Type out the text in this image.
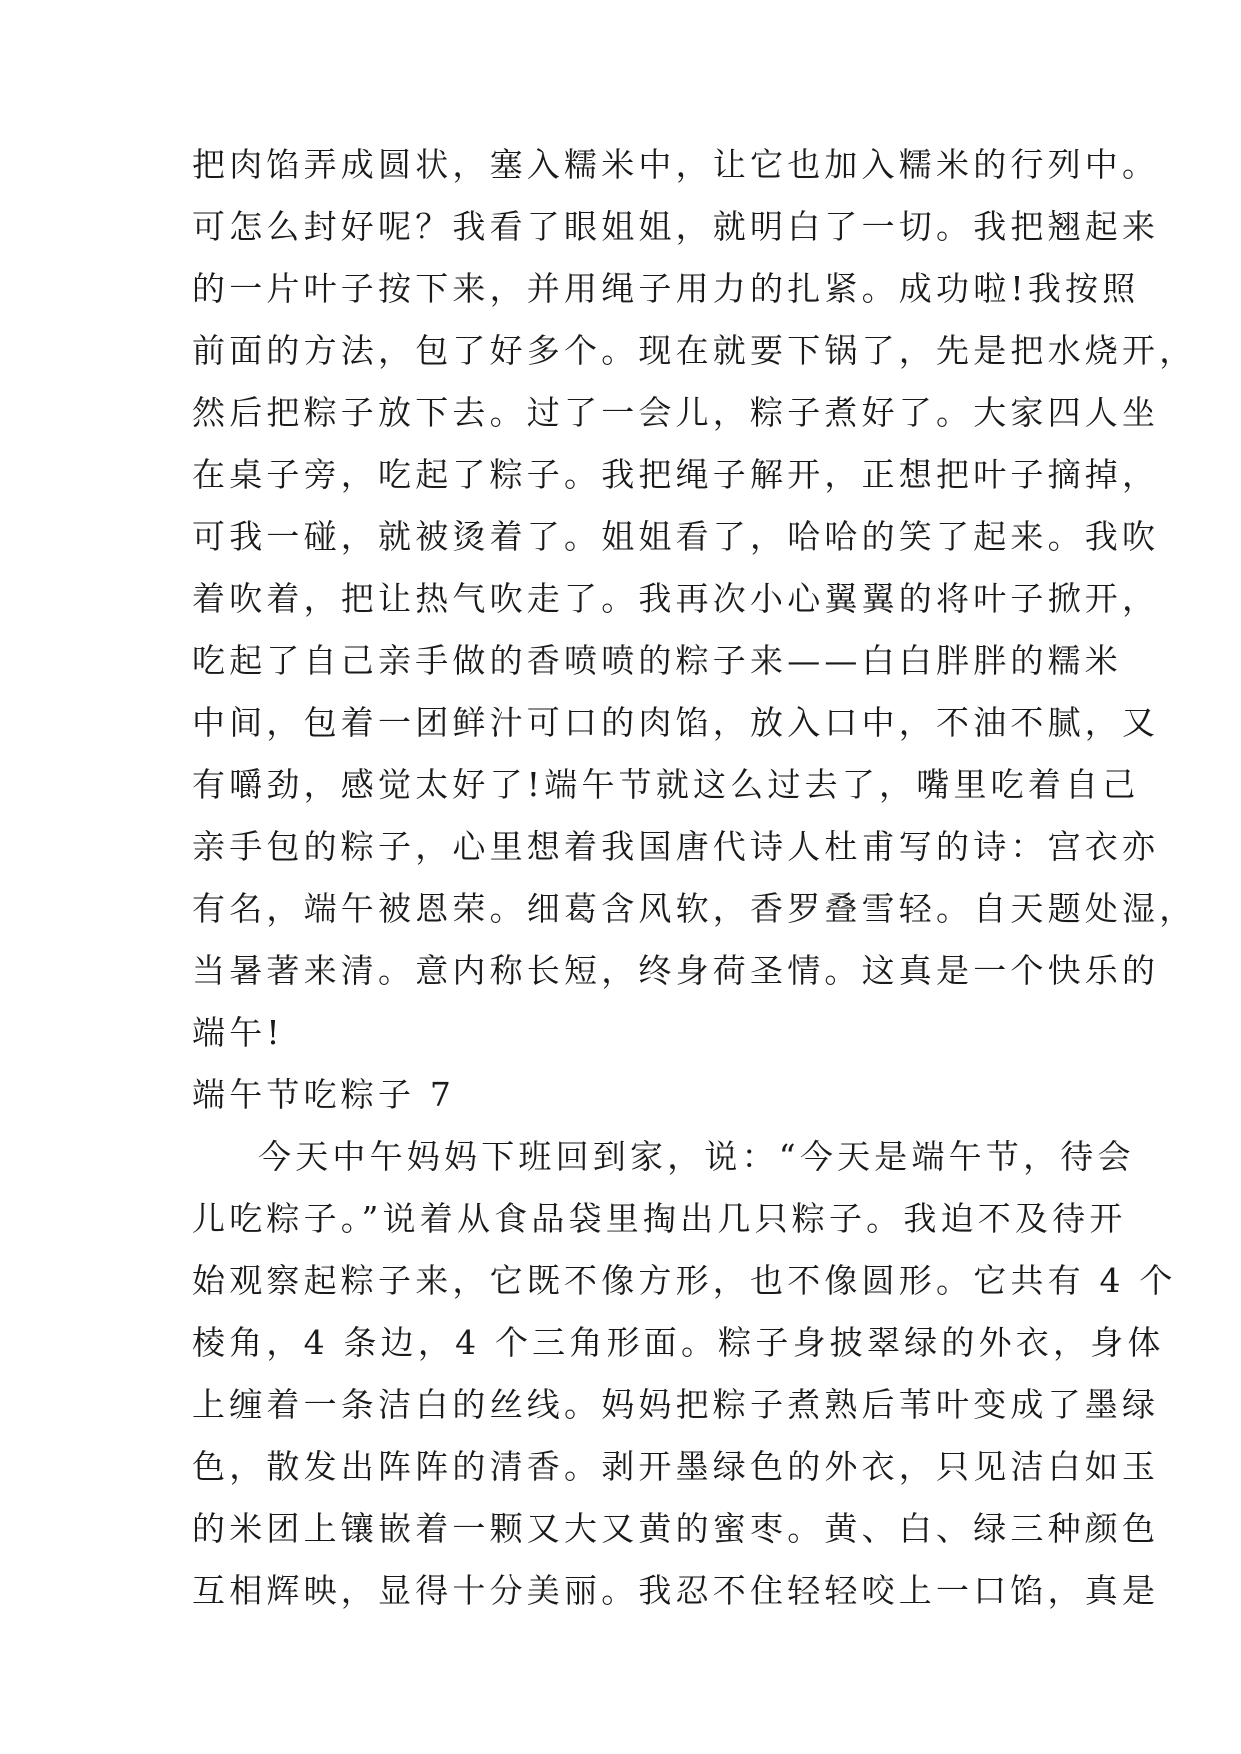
把肉馅弄成圆状，塞入糯米中，让它也加入糯米的行列中。
可怎么封好呢？我看了眼姐姐，就明白了一切。我把翘起来
的一片叶子按下来，并用绳子用力的扎紧。成功啦!我按照
前面的方法，包了好多个。现在就要下锅了，先是把水烧开，
然后把粽子放下去。过了一会儿，粽子煮好了。大家四人坐
在桌子旁，吃起了粽子。我把绳子解开，正想把叶子摘掉，
可我一碰，就被烫着了。姐姐看了，哈哈的笑了起来。我吹
着吹着，把让热气吹走了。我再次小心翼翼的将叶子掀开，
吃起了自己亲手做的香喷喷的粽子来——白白胖胖的糯米
中间，包着一团鲜汁可口的肉馅，放入口中，不油不腻，又
有嚼劲，感觉太好了!端午节就这么过去了，嘴里吃着自己
亲手包的粽子，心里想着我国唐代诗人杜甫写的诗：宫衣亦
有名，端午被恩荣。细葛含风软，香罗叠雪轻。自天题处湿，
当暑著来清。意内称长短，终身荷圣情。这真是一个快乐的
端午!
端午节吃粽子 7
今天中午妈妈下班回到家，说：“今天是端午节，待会
儿吃粽子。”说着从食品袋里掏出几只粽子。我迫不及待开
始观察起粽子来，它既不像方形，也不像圆形。它共有 4 个
棱角，4 条边，4 个三角形面。粽子身披翠绿的外衣，身体
上缠着一条洁白的丝线。妈妈把粽子煮熟后苇叶变成了墨绿
色，散发出阵阵的清香。剥开墨绿色的外衣，只见洁白如玉
的米团上镶嵌着一颗又大又黄的蜜枣。黄、白、绿三种颜色
互相辉映，显得十分美丽。我忍不住轻轻咬上一口馅，真是
